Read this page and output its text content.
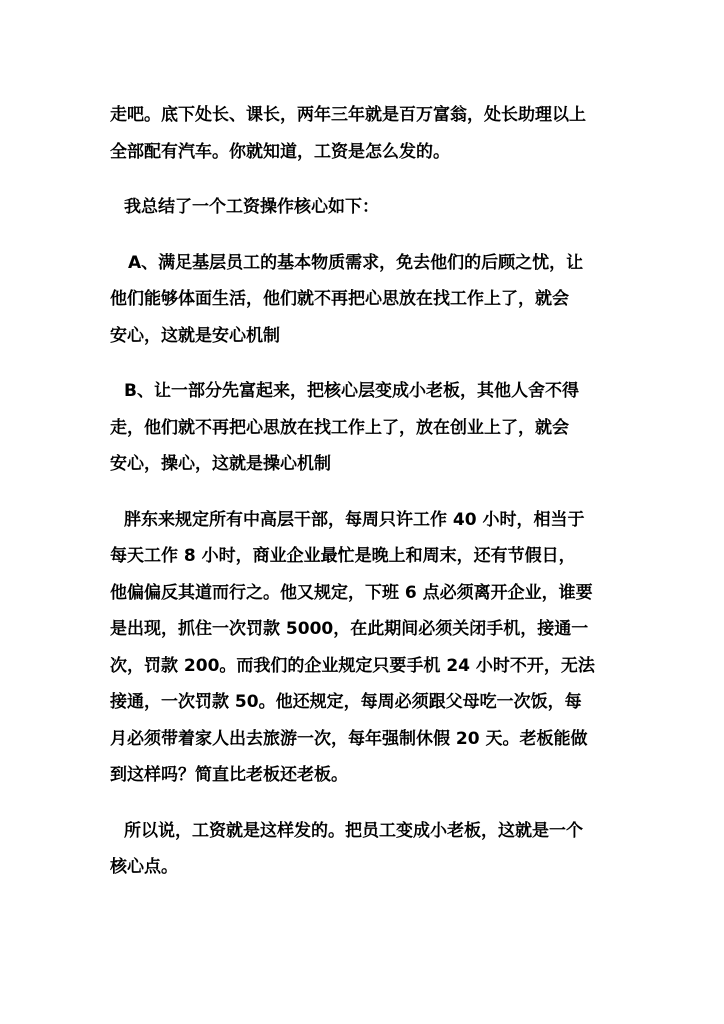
走吧。底下处长、课长，两年三年就是百万富翁，处长助理以上
全部配有汽车。你就知道，工资是怎么发的。
我总结了一个工资操作核心如下：
A、满足基层员工的基本物质需求，免去他们的后顾之忧，让
他们能够体面生活，他们就不再把心思放在找工作上了，就会
安心，这就是安心机制
B、让一部分先富起来，把核心层变成小老板，其他人舍不得
走，他们就不再把心思放在找工作上了，放在创业上了，就会
安心，操心，这就是操心机制
胖东来规定所有中高层干部，每周只许工作 40 小时，相当于
每天工作 8 小时，商业企业最忙是晚上和周末，还有节假日，
他偏偏反其道而行之。他又规定，下班 6 点必须离开企业，谁要
是出现，抓住一次罚款 5000，在此期间必须关闭手机，接通一
次，罚款 200。而我们的企业规定只要手机 24 小时不开，无法
接通，一次罚款 50。他还规定，每周必须跟父母吃一次饭，每
月必须带着家人出去旅游一次，每年强制休假 20 天。老板能做
到这样吗？简直比老板还老板。
所以说，工资就是这样发的。把员工变成小老板，这就是一个
核心点。
